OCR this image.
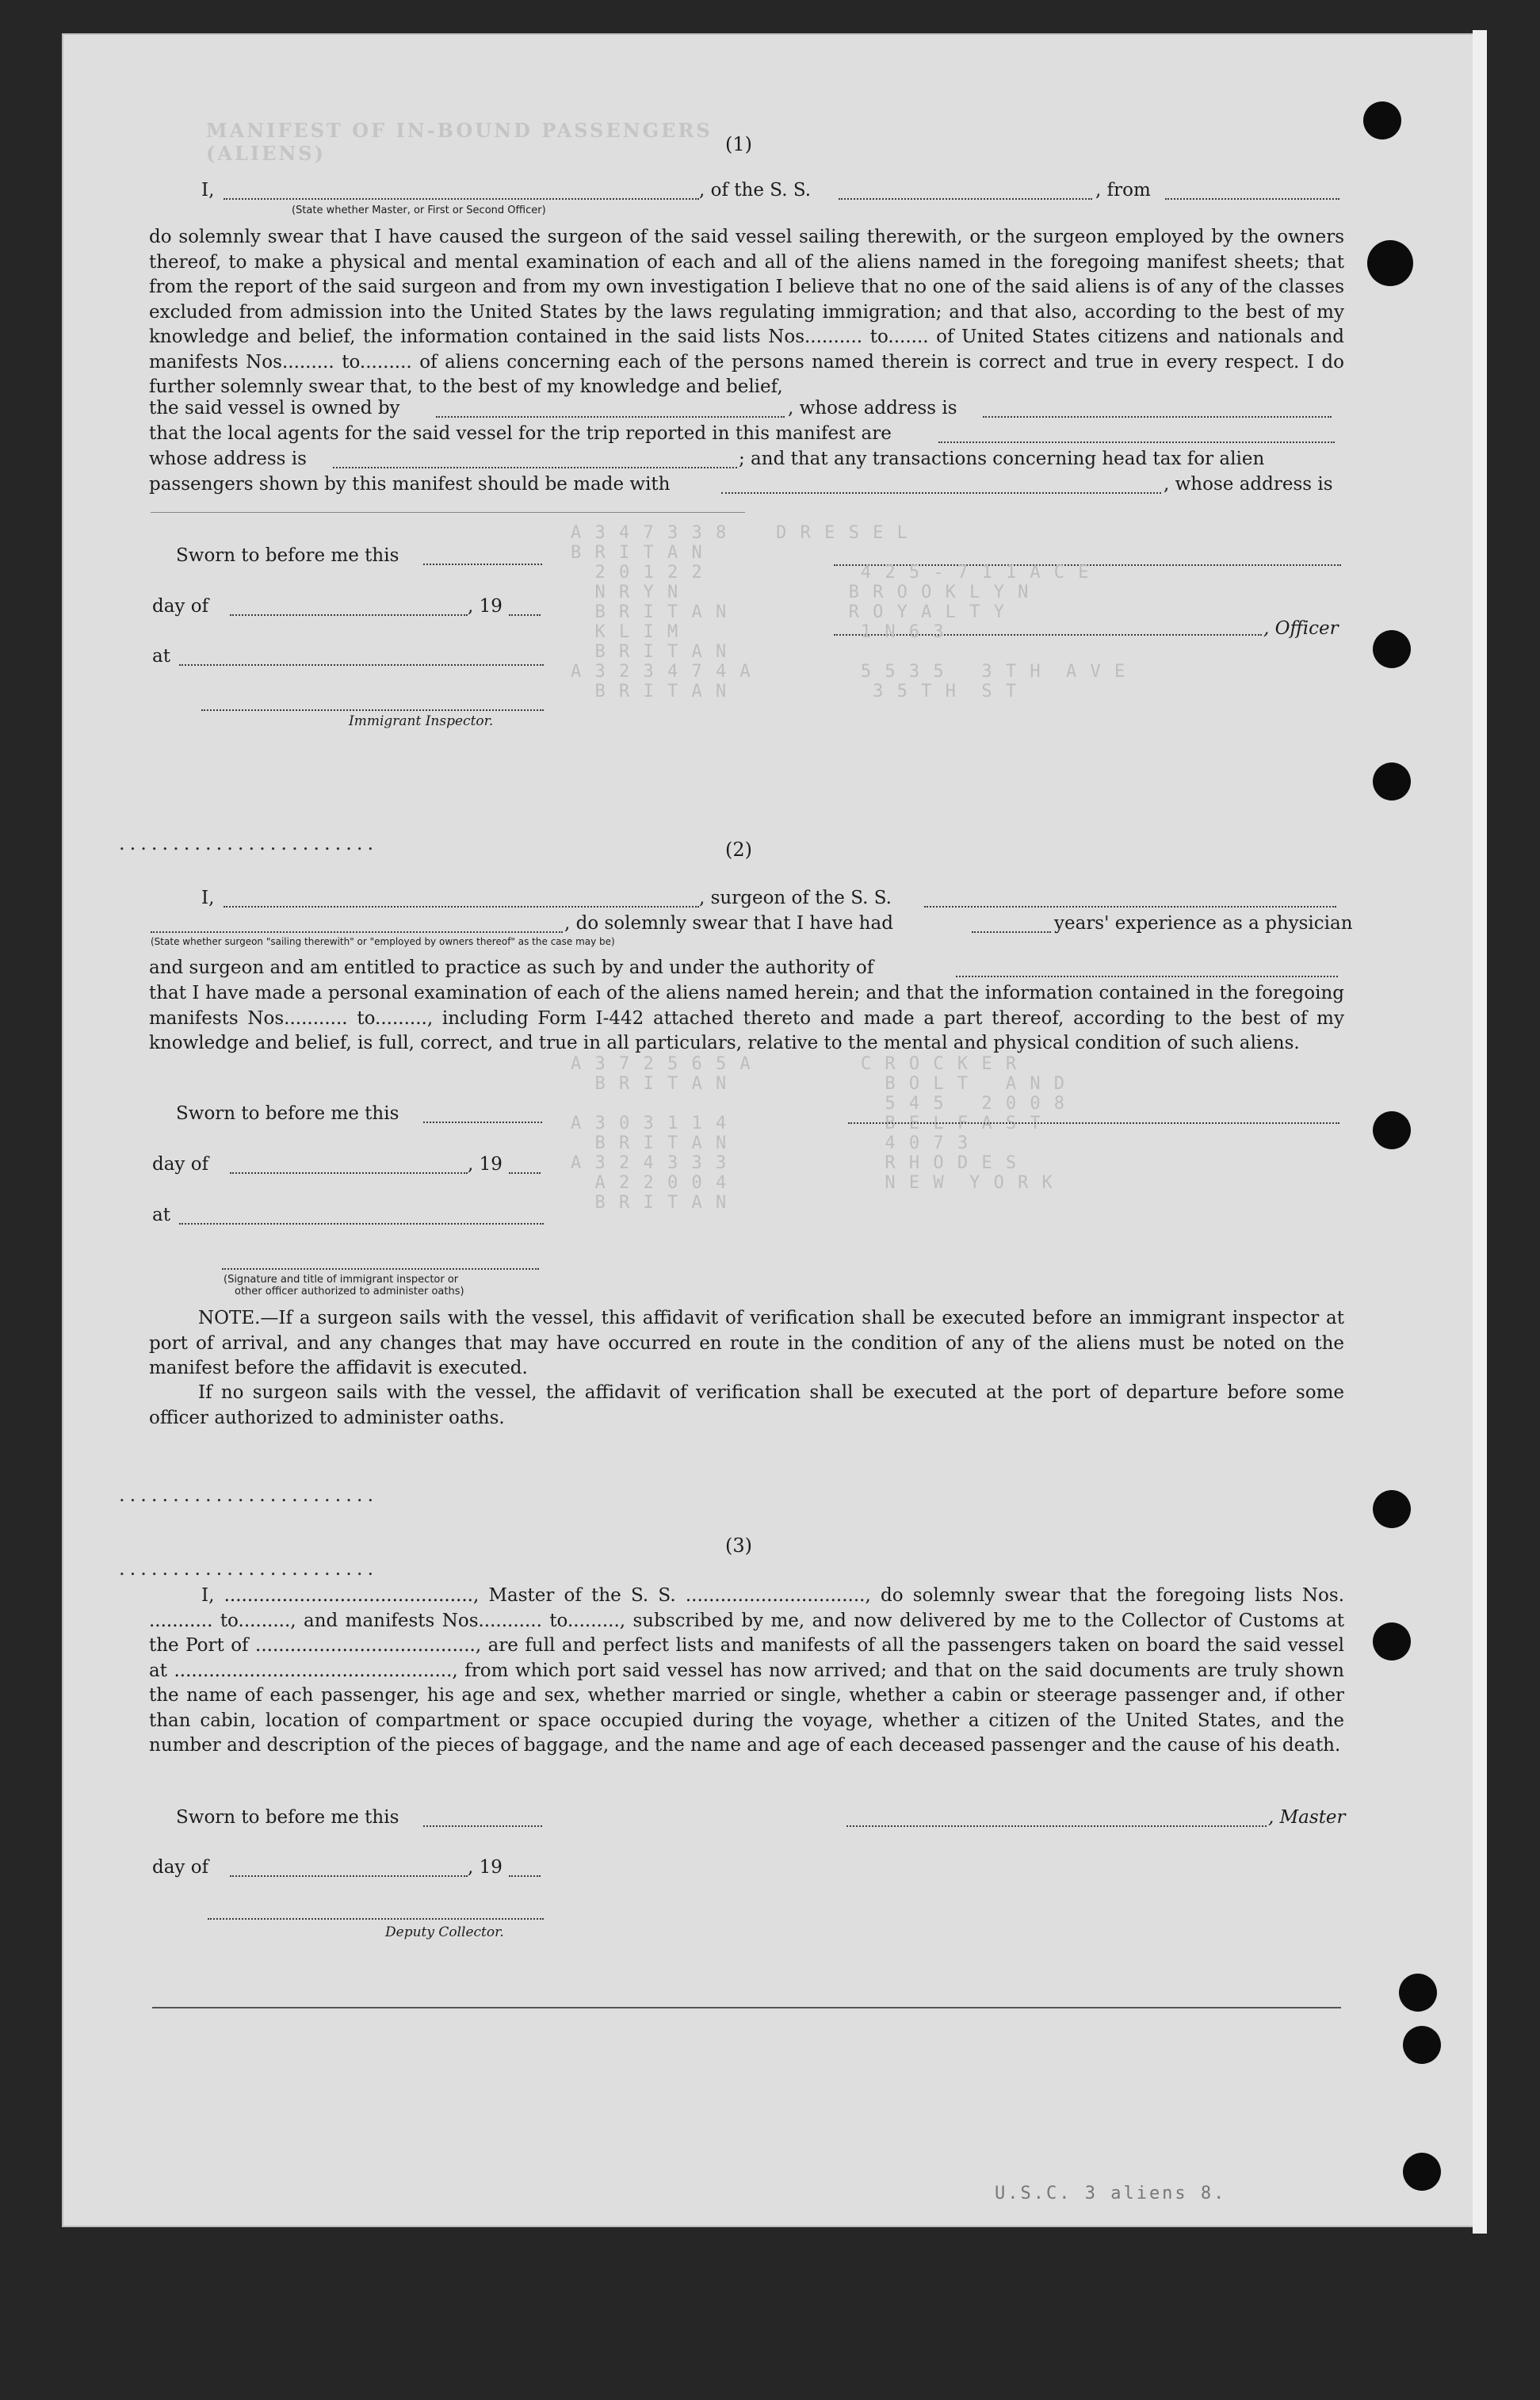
MANIFEST OF IN-BOUND PASSENGERS (ALIENS)	(1)
I,	, of the S. S.	, from
(State whether Master, or First or Second Officer)
do solemnly swear that I have caused the surgeon of the said vessel sailing therewith, or the surgeon employed by the owners thereof, to make a physical and mental examination of each and all of the aliens named in the foregoing manifest sheets; that from the report of the said surgeon and from my own investigation I believe that no one of the said aliens is of any of the classes excluded from admission into the United States by the laws regulating immigration; and that also, according to the best of my knowledge and belief, the information contained in the said lists Nos.......... to....... of United States citizens and nationals and manifests Nos......... to......... of aliens concerning each of the persons named therein is correct and true in every respect. I do further solemnly swear that, to the best of my knowledge and belief,
the said vessel is owned by	, whose address is
that the local agents for the said vessel for the trip reported in this manifest are
whose address is	; and that any transactions concerning head tax for alien
passengers shown by this manifest should be made with	, whose address is
Sworn to before me this
day of	, 19
, Officer
at
Immigrant Inspector.
A 3 4 7 3 3 8    D R E S E L
B R I T A N
2 0 1 2 2             4 2 5 - 7 1 1 A C E
N R Y N              B R O O K L Y N
B R I T A N          R O Y A L T Y
K L I M               1 N 6 3
B R I T A N
A 3 2 3 4 7 4 A         5 5 3 5   3 T H  A V E
B R I T A N            3 5 T H  S T
A 3 7 2 5 6 5 A         C R O C K E R
B R I T A N             B O L T   A N D
5 4 5   2 0 0 8
A 3 0 3 1 1 4             B E L F A S T
B R I T A N             4 0 7 3
A 3 2 4 3 3 3             R H O D E S
A 2 2 0 0 4             N E W  Y O R K
B R I T A N
........................	(2)
I,	, surgeon of the S. S.
, do solemnly swear that I have had	years' experience as a physician
(State whether surgeon "sailing therewith" or "employed by owners thereof" as the case may be)
and surgeon and am entitled to practice as such by and under the authority of
that I have made a personal examination of each of the aliens named herein; and that the information contained in the foregoing manifests Nos........... to........., including Form I-442 attached thereto and made a part thereof, according to the best of my knowledge and belief, is full, correct, and true in all particulars, relative to the mental and physical condition of such aliens.
Sworn to before me this
day of	, 19
at
(Signature and title of immigrant inspector or
other officer authorized to administer oaths)
NOTE.—If a surgeon sails with the vessel, this affidavit of verification shall be executed before an immigrant inspector at port of arrival, and any changes that may have occurred en route in the condition of any of the aliens must be noted on the manifest before the affidavit is executed.
If no surgeon sails with the vessel, the affidavit of verification shall be executed at the port of departure before some officer authorized to administer oaths.
........................
........................
(3)
I, ..........................................., Master of the S. S. ..............................., do solemnly swear that the foregoing lists Nos. ........... to........., and manifests Nos........... to........., subscribed by me, and now delivered by me to the Collector of Customs at the Port of ......................................, are full and perfect lists and manifests of all the passengers taken on board the said vessel at ................................................, from which port said vessel has now arrived; and that on the said documents are truly shown the name of each passenger, his age and sex, whether married or single, whether a cabin or steerage passenger and, if other than cabin, location of compartment or space occupied during the voyage, whether a citizen of the United States, and the number and description of the pieces of baggage, and the name and age of each deceased passenger and the cause of his death.
Sworn to before me this	, Master
day of	, 19
Deputy Collector.
U.S.C. 3 aliens 8.
